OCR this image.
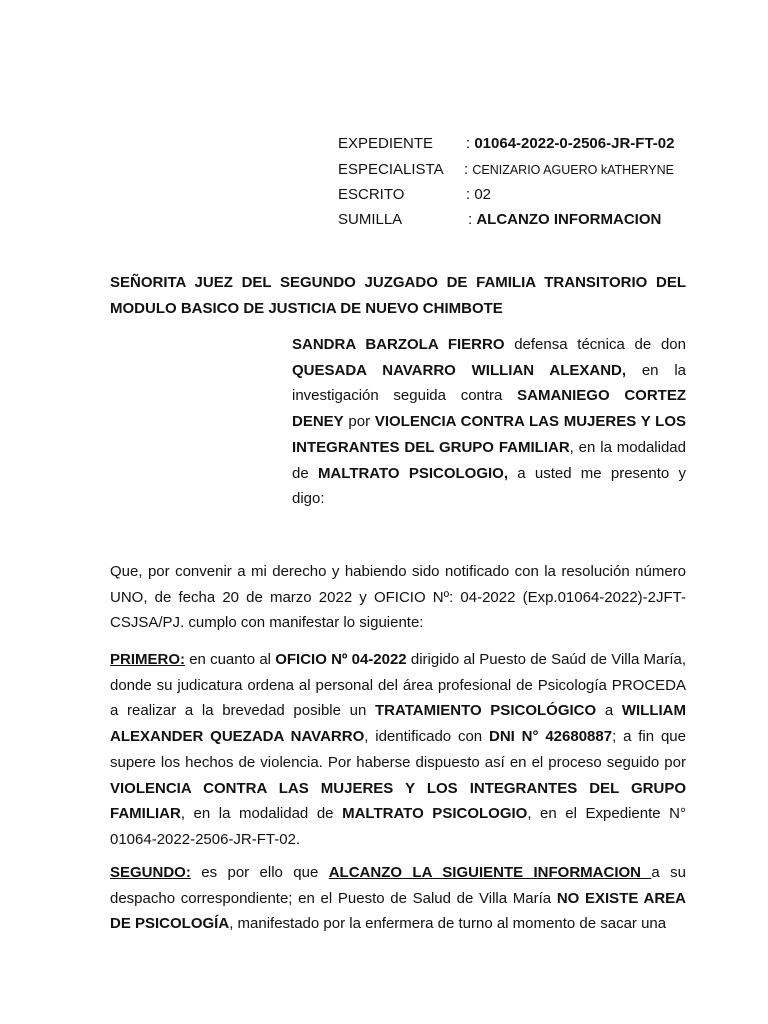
EXPEDIENTE : 01064-2022-0-2506-JR-FT-02
ESPECIALISTA : CENIZARIO AGUERO kATHERYNE
ESCRITO	: 02
SUMILLA	: ALCANZO INFORMACION
SEÑORITA JUEZ DEL SEGUNDO JUZGADO DE FAMILIA TRANSITORIO DEL
MODULO BASICO DE JUSTICIA DE NUEVO CHIMBOTE
SANDRA BARZOLA FIERRO defensa técnica de don QUESADA NAVARRO WILLIAN ALEXAND, en la investigación seguida contra SAMANIEGO CORTEZ DENEY por VIOLENCIA CONTRA LAS MUJERES Y LOS INTEGRANTES DEL GRUPO FAMILIAR, en la modalidad de MALTRATO PSICOLOGIO, a usted me presento y digo:
Que, por convenir a mi derecho y habiendo sido notificado con la resolución número UNO, de fecha 20 de marzo 2022 y OFICIO Nº: 04-2022 (Exp.01064-2022)-2JFT-CSJSA/PJ. cumplo con manifestar lo siguiente:
PRIMERO: en cuanto al OFICIO Nº 04-2022 dirigido al Puesto de Saúd de Villa María, donde su judicatura ordena al personal del área profesional de Psicología PROCEDA a realizar a la brevedad posible un TRATAMIENTO PSICOLÓGICO a WILLIAM ALEXANDER QUEZADA NAVARRO, identificado con DNI N° 42680887; a fin que supere los hechos de violencia. Por haberse dispuesto así en el proceso seguido por VIOLENCIA CONTRA LAS MUJERES Y LOS INTEGRANTES DEL GRUPO FAMILIAR, en la modalidad de MALTRATO PSICOLOGIO, en el Expediente N° 01064-2022-2506-JR-FT-02.
SEGUNDO: es por ello que ALCANZO LA SIGUIENTE INFORMACION a su despacho correspondiente; en el Puesto de Salud de Villa María NO EXISTE AREA DE PSICOLOGÍA, manifestado por la enfermera de turno al momento de sacar una
